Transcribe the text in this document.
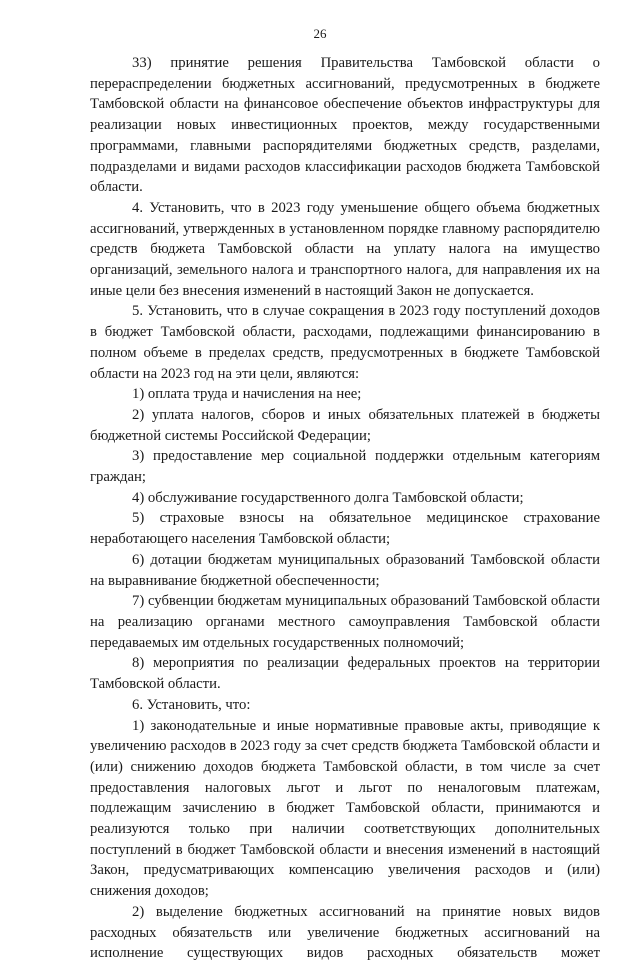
26

33) принятие решения Правительства Тамбовской области о перераспределении бюджетных ассигнований, предусмотренных в бюджете Тамбовской области на финансовое обеспечение объектов инфраструктуры для реализации новых инвестиционных проектов, между государственными программами, главными распорядителями бюджетных средств, разделами, подразделами и видами расходов классификации расходов бюджета Тамбовской области.

4. Установить, что в 2023 году уменьшение общего объема бюджетных ассигнований, утвержденных в установленном порядке главному распорядителю средств бюджета Тамбовской области на уплату налога на имущество организаций, земельного налога и транспортного налога, для направления их на иные цели без внесения изменений в настоящий Закон не допускается.

5. Установить, что в случае сокращения в 2023 году поступлений доходов в бюджет Тамбовской области, расходами, подлежащими финансированию в полном объеме в пределах средств, предусмотренных в бюджете Тамбовской области на 2023 год на эти цели, являются:

1) оплата труда и начисления на нее;

2) уплата налогов, сборов и иных обязательных платежей в бюджеты бюджетной системы Российской Федерации;

3) предоставление мер социальной поддержки отдельным категориям граждан;

4) обслуживание государственного долга Тамбовской области;

5) страховые взносы на обязательное медицинское страхование неработающего населения Тамбовской области;

6) дотации бюджетам муниципальных образований Тамбовской области на выравнивание бюджетной обеспеченности;

7) субвенции бюджетам муниципальных образований Тамбовской области на реализацию органами местного самоуправления Тамбовской области передаваемых им отдельных государственных полномочий;

8) мероприятия по реализации федеральных проектов на территории Тамбовской области.

6. Установить, что:

1) законодательные и иные нормативные правовые акты, приводящие к увеличению расходов в 2023 году за счет средств бюджета Тамбовской области и (или) снижению доходов бюджета Тамбовской области, в том числе за счет предоставления налоговых льгот и льгот по неналоговым платежам, подлежащим зачислению в бюджет Тамбовской области, принимаются и реализуются только при наличии соответствующих дополнительных поступлений в бюджет Тамбовской области и внесения изменений в настоящий Закон, предусматривающих компенсацию увеличения расходов и (или) снижения доходов;

2) выделение бюджетных ассигнований на принятие новых видов расходных обязательств или увеличение бюджетных ассигнований на исполнение существующих видов расходных обязательств может
